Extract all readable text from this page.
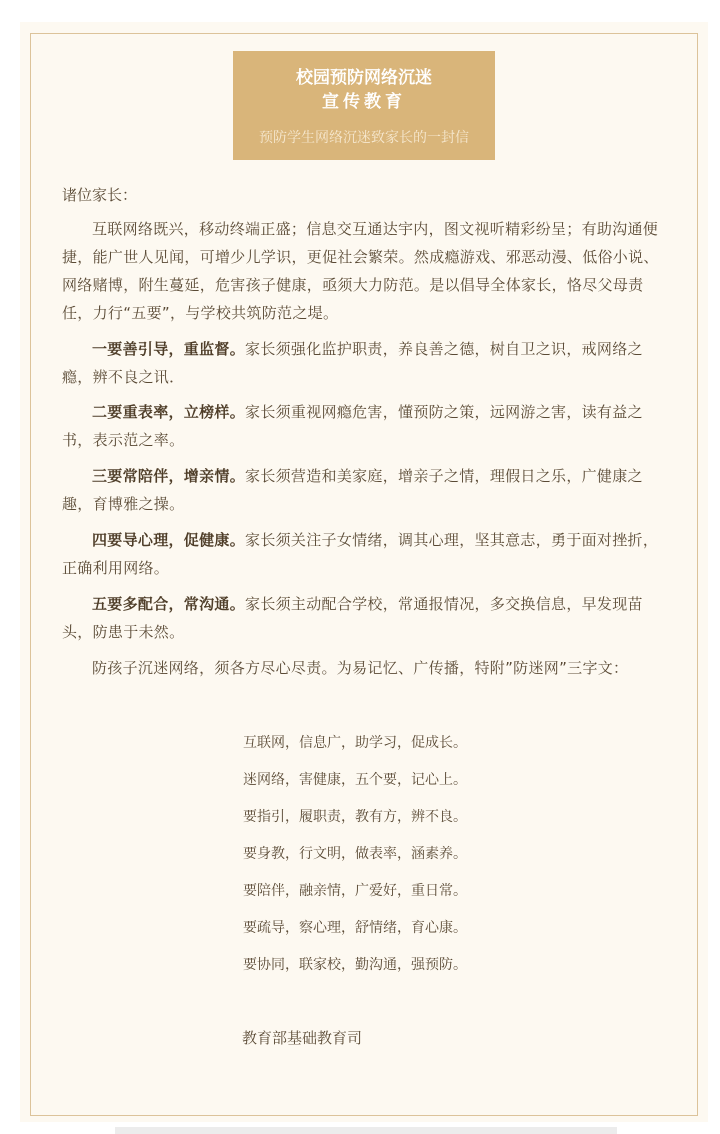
校园预防网络沉迷
宣传教育
预防学生网络沉迷致家长的一封信
诸位家长：
互联网络既兴，移动终端正盛；信息交互通达宇内，图文视听精彩纷呈；有助沟通便捷，能广世人见闻，可增少儿学识，更促社会繁荣。然成瘾游戏、邪恶动漫、低俗小说、网络赌博，附生蔓延，危害孩子健康，亟须大力防范。是以倡导全体家长，恪尽父母责任，力行“五要”，与学校共筑防范之堤。
一要善引导，重监督。家长须强化监护职责，养良善之德，树自卫之识，戒网络之瘾，辨不良之讯．
二要重表率，立榜样。家长须重视网瘾危害，懂预防之策，远网游之害，读有益之书，表示范之率。
三要常陪伴，增亲情。家长须营造和美家庭，增亲子之情，理假日之乐，广健康之趣，育博雅之操。
四要导心理，促健康。家长须关注子女情绪，调其心理，坚其意志，勇于面对挫折，正确利用网络。
五要多配合，常沟通。家长须主动配合学校，常通报情况，多交换信息，早发现苗头，防患于未然。
防孩子沉迷网络，须各方尽心尽责。为易记忆、广传播，特附”防迷网”三字文：
互联网，信息广，助学习，促成长。
迷网络，害健康，五个要，记心上。
要指引，履职责，教有方，辨不良。
要身教，行文明，做表率，涵素养。
要陪伴，融亲情，广爱好，重日常。
要疏导，察心理，舒情绪，育心康。
要协同，联家校，勤沟通，强预防。
教育部基础教育司
